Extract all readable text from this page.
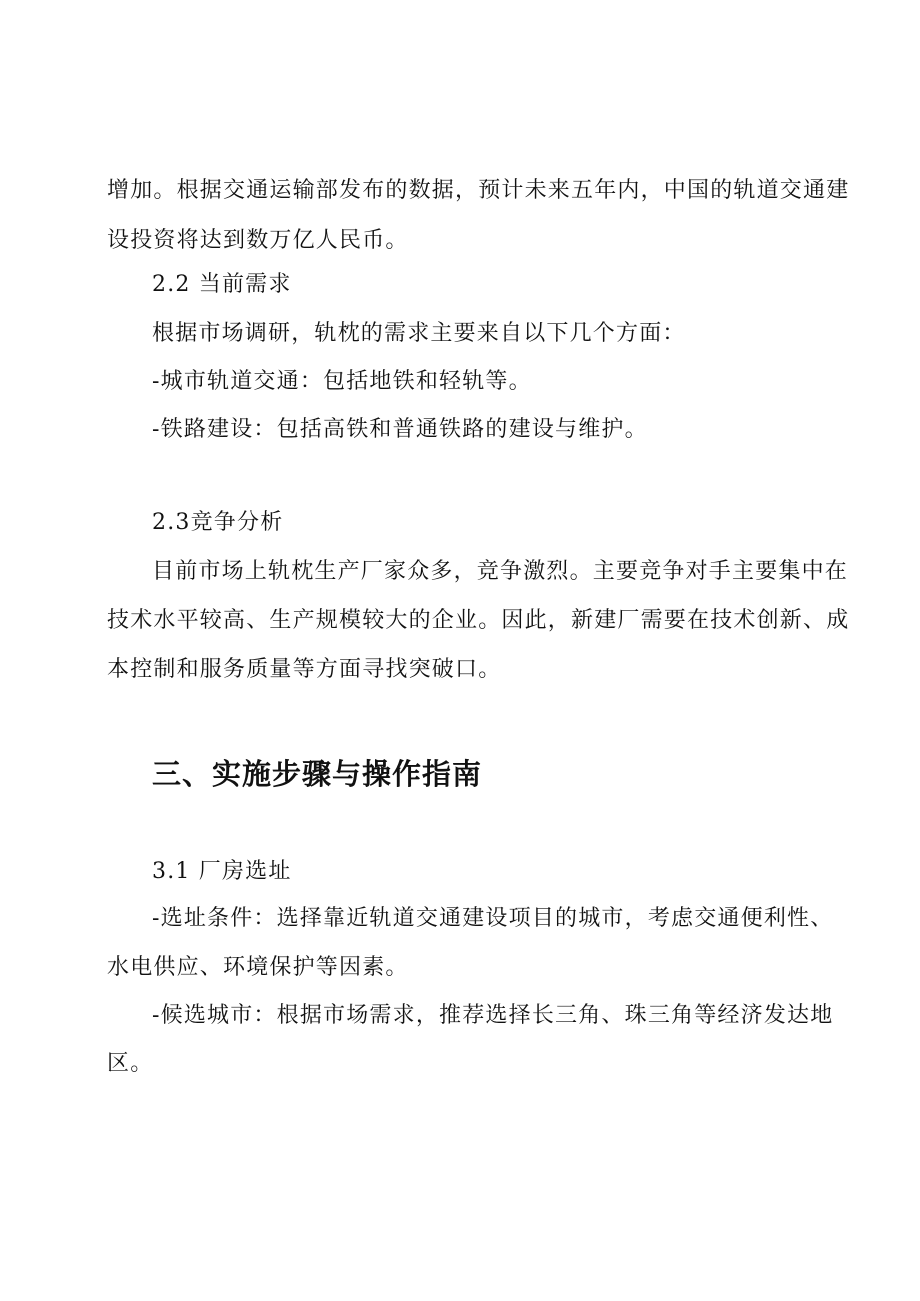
增加。根据交通运输部发布的数据，预计未来五年内，中国的轨道交通建

设投资将达到数万亿人民币。

2.2 当前需求

根据市场调研，轨枕的需求主要来自以下几个方面：

-城市轨道交通：包括地铁和轻轨等。

-铁路建设：包括高铁和普通铁路的建设与维护。

2.3竞争分析

目前市场上轨枕生产厂家众多，竞争激烈。主要竞争对手主要集中在

技术水平较高、生产规模较大的企业。因此，新建厂需要在技术创新、成

本控制和服务质量等方面寻找突破口。

三、实施步骤与操作指南
3.1 厂房选址

-选址条件：选择靠近轨道交通建设项目的城市，考虑交通便利性、

水电供应、环境保护等因素。

-候选城市：根据市场需求，推荐选择长三角、珠三角等经济发达地

区。
